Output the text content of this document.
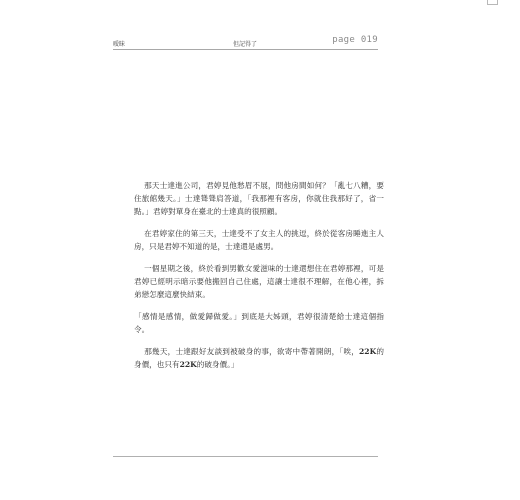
曖昧	但記得了	page 019

那天士達進公司，君婷見他愁眉不展，問他房間如何？「亂七八糟，要住旅館幾天。」士達聳聳肩答道，「我那裡有客房，你就住我那好了，省一點。」君婷對單身在臺北的士達真的很照顧。

在君婷家住的第三天，士達受不了女主人的挑逗，終於從客房睡進主人房，只是君婷不知道的是，士達還是處男。

一個星期之後，終於看到男歡女愛滋味的士達還想住在君婷那裡，可是君婷已經明示暗示要他搬回自己住處，這讓士達很不理解，在他心裡，拆弟戀怎麼這麼快結束。

「感情是感情，做愛歸做愛。」到底是大姊頭，君婷很清楚給士達這個指令。

那幾天，士達跟好友談到被破身的事，欲寄中帶著開朗，「唉，22K的身價，也只有22K的破身價。」
